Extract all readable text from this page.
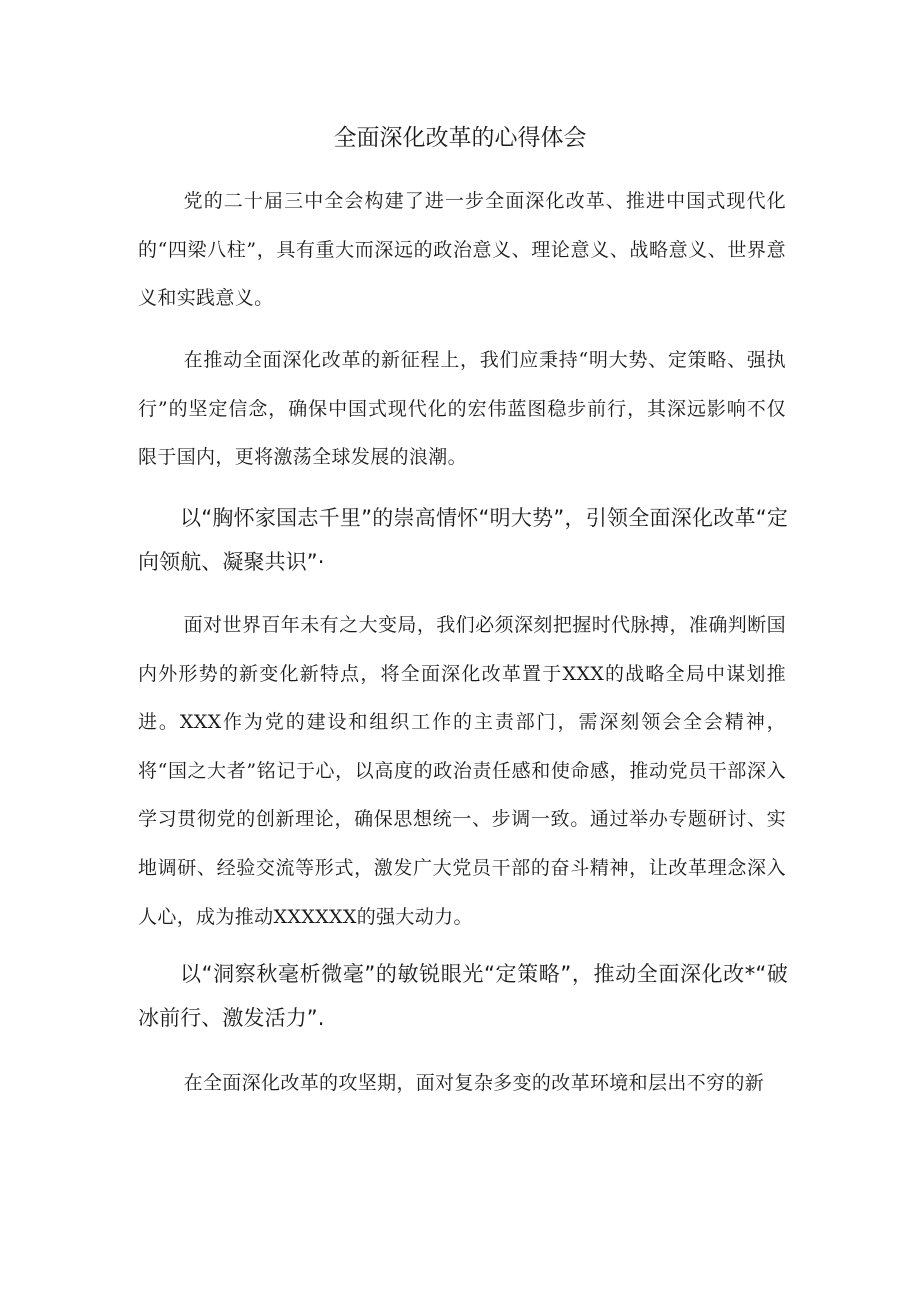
全面深化改革的心得体会

党的二十届三中全会构建了进一步全面深化改革、推进中国式现代化的“四梁八柱”，具有重大而深远的政治意义、理论意义、战略意义、世界意义和实践意义。

在推动全面深化改革的新征程上，我们应秉持“明大势、定策略、强执行”的坚定信念，确保中国式现代化的宏伟蓝图稳步前行，其深远影响不仅限于国内，更将激荡全球发展的浪潮。

以“胸怀家国志千里”的崇高情怀“明大势”，引领全面深化改革“定向领航、凝聚共识”·

面对世界百年未有之大变局，我们必须深刻把握时代脉搏，准确判断国内外形势的新变化新特点，将全面深化改革置于XXX的战略全局中谋划推进。XXX作为党的建设和组织工作的主责部门，需深刻领会全会精神，将“国之大者”铭记于心，以高度的政治责任感和使命感，推动党员干部深入学习贯彻党的创新理论，确保思想统一、步调一致。通过举办专题研讨、实地调研、经验交流等形式，激发广大党员干部的奋斗精神，让改革理念深入人心，成为推动XXXXXX的强大动力。

以“洞察秋毫析微毫”的敏锐眼光“定策略”，推动全面深化改*“破冰前行、激发活力”.

在全面深化改革的攻坚期，面对复杂多变的改革环境和层出不穷的新
